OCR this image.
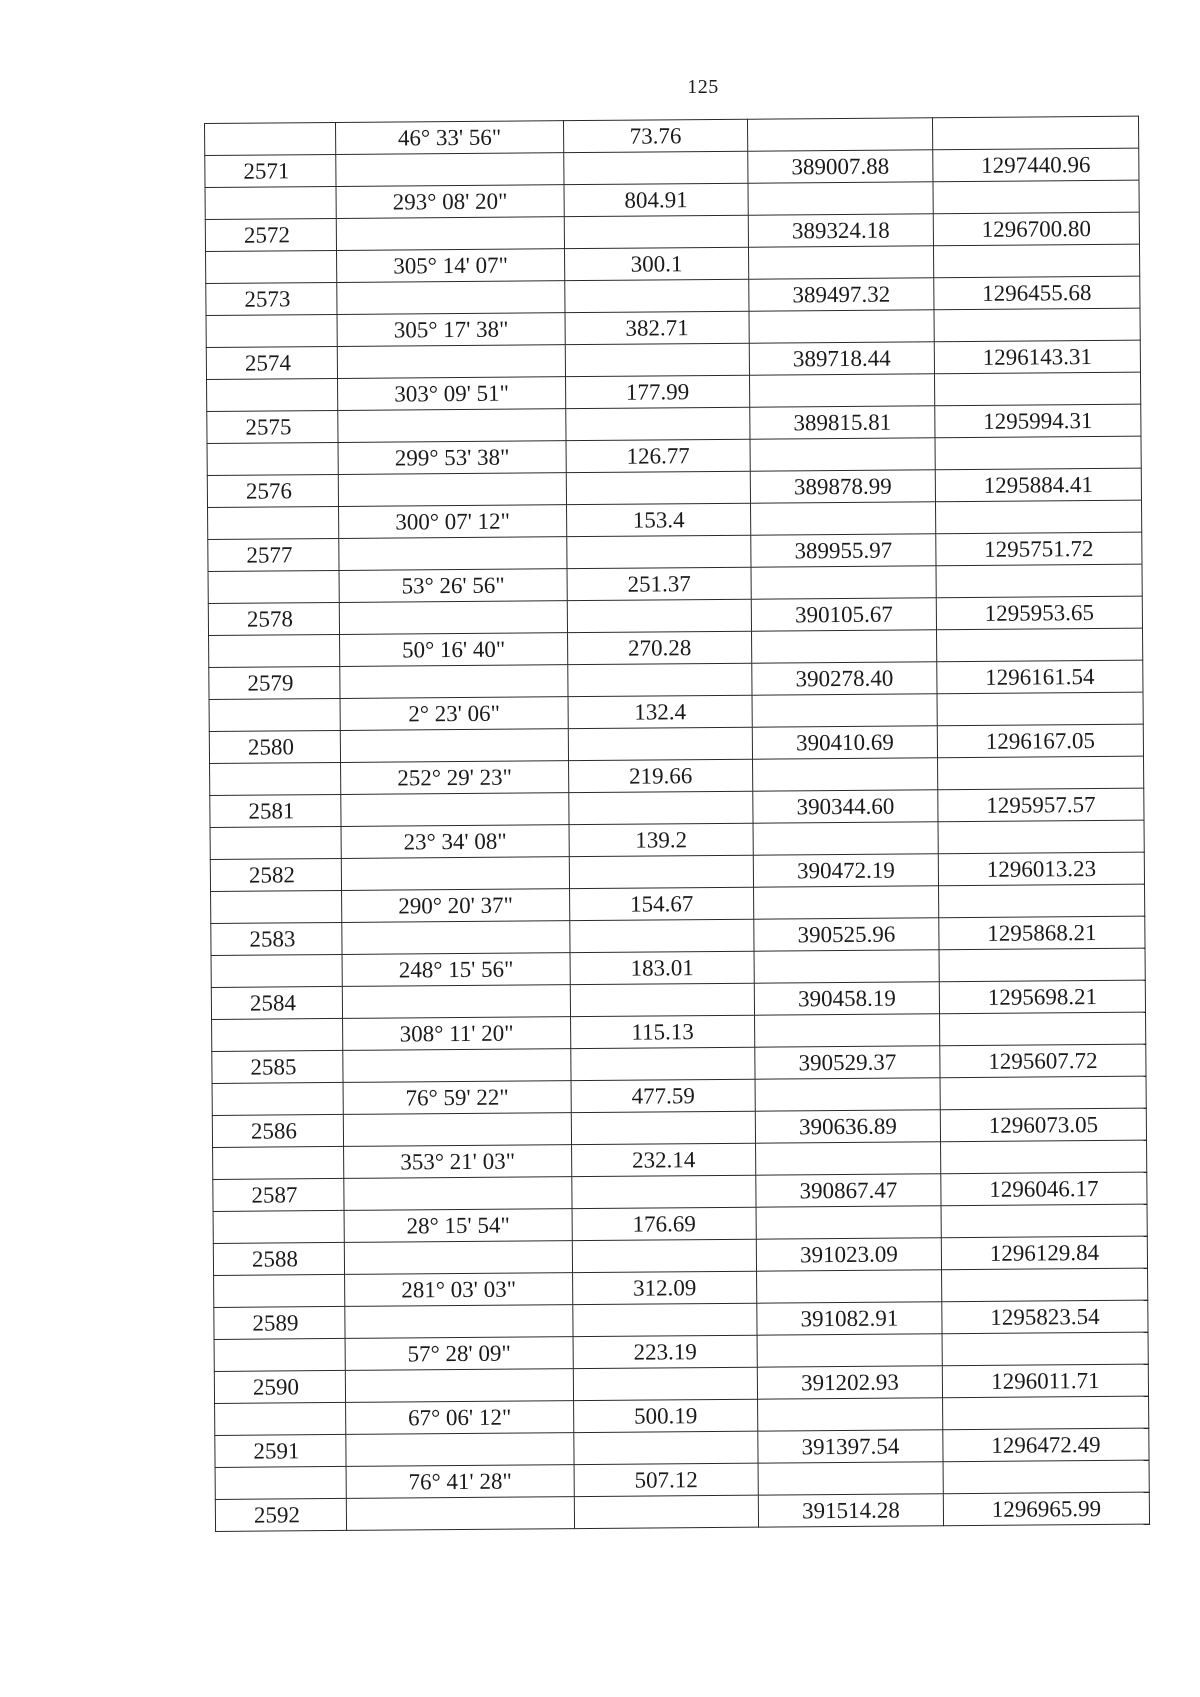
125
	46° 33' 56"	73.76		
2571			389007.88	1297440.96
	293° 08' 20"	804.91		
2572			389324.18	1296700.80
	305° 14' 07"	300.1		
2573			389497.32	1296455.68
	305° 17' 38"	382.71		
2574			389718.44	1296143.31
	303° 09' 51"	177.99		
2575			389815.81	1295994.31
	299° 53' 38"	126.77		
2576			389878.99	1295884.41
	300° 07' 12"	153.4		
2577			389955.97	1295751.72
	53° 26' 56"	251.37		
2578			390105.67	1295953.65
	50° 16' 40"	270.28		
2579			390278.40	1296161.54
	2° 23' 06"	132.4		
2580			390410.69	1296167.05
	252° 29' 23"	219.66		
2581			390344.60	1295957.57
	23° 34' 08"	139.2		
2582			390472.19	1296013.23
	290° 20' 37"	154.67		
2583			390525.96	1295868.21
	248° 15' 56"	183.01		
2584			390458.19	1295698.21
	308° 11' 20"	115.13		
2585			390529.37	1295607.72
	76° 59' 22"	477.59		
2586			390636.89	1296073.05
	353° 21' 03"	232.14		
2587			390867.47	1296046.17
	28° 15' 54"	176.69		
2588			391023.09	1296129.84
	281° 03' 03"	312.09		
2589			391082.91	1295823.54
	57° 28' 09"	223.19		
2590			391202.93	1296011.71
	67° 06' 12"	500.19		
2591			391397.54	1296472.49
	76° 41' 28"	507.12		
2592			391514.28	1296965.99
